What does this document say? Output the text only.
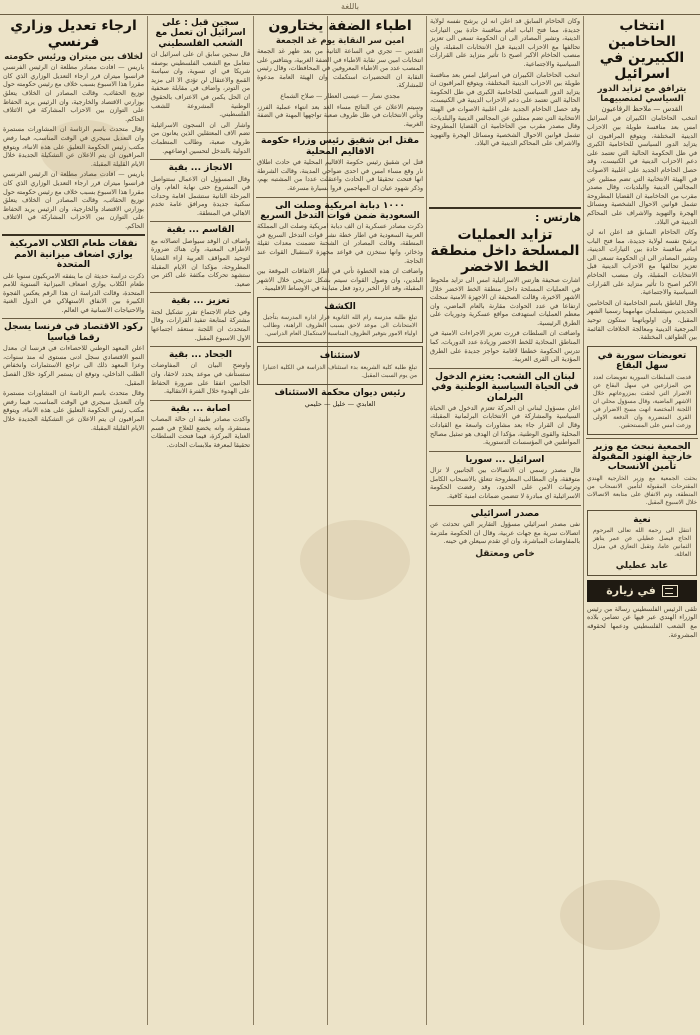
باللغة
انتخاب الحاخامين الكبيرين في اسرائيل
يترافق مع تزايد الدور السياسي لمنصبيهما
القدس — ملاحظ الرفاعيون
انتخب الحاخامان الكبيران في اسرائيل امس بعد منافسة طويلة بين الاحزاب الدينية المختلفة، ويتوقع المراقبون ان يتزايد الدور السياسي للحاخامية الكبرى في ظل الحكومة الحالية التي تعتمد على دعم الاحزاب الدينية في الكنيست، وقد حصل الحاخام الجديد على اغلبية الاصوات في الهيئة الانتخابية التي تضم ممثلين عن المجالس الدينية والبلديات، وقال مصدر مقرب من الحاخامية ان القضايا المطروحة تشمل قوانين الاحوال الشخصية ومسائل الهجرة والتهويد والاشراف على المحاكم الدينية في البلاد.
وكان الحاخام السابق قد اعلن انه لن يرشح نفسه لولاية جديدة، مما فتح الباب امام منافسة حادة بين التيارات الدينية، وتشير المصادر الى ان الحكومة تسعى الى تعزيز تحالفها مع الاحزاب الدينية قبل الانتخابات المقبلة، وان منصب الحاخام الاكبر اصبح ذا تأثير متزايد على القرارات السياسية والاجتماعية.
وقال الناطق باسم الحاخامية ان الحاخامين الجديدين سيتسلمان مهامهما رسميا الشهر المقبل، وان اولوياتهما ستكون توحيد المرجعية الدينية ومعالجة الخلافات القائمة بين الطوائف المختلفة.
تعويضات سورية في سهل البقاع
قدمت السلطات السورية تعويضات لعدد من المزارعين في سهل البقاع عن الاضرار التي لحقت بمزروعاتهم خلال الاشهر الماضية، وقال مسؤول محلي ان اللجنة المختصة انهت مسح الاضرار في القرى المتضررة وان الدفعة الاولى وزعت امس على المستحقين.
الجمعية نبحث مع وزير خارجية الهنود المقبولة تأمين الانسحاب
بحثت الجمعية مع وزير الخارجية الهندي المقترحات المقبولة لتأمين الانسحاب من المنطقة، وتم الاتفاق على متابعة الاتصالات خلال الاسبوع المقبل.
نعية
انتقل الى رحمة الله تعالى المرحوم الحاج فيصل عطيلي عن عمر يناهز الثمانين عاما، وتقبل التعازي في منزل العائلة.
عابد عطيلي
في زيارة
تلقى الرئيس الفلسطيني رسالة من رئيس الوزراء الهندي عبر فيها عن تضامن بلاده مع الشعب الفلسطيني ودعمها لحقوقه المشروعة.
وكان الحاخام السابق قد اعلن انه لن يرشح نفسه لولاية جديدة، مما فتح الباب امام منافسة حادة بين التيارات الدينية، وتشير المصادر الى ان الحكومة تسعى الى تعزيز تحالفها مع الاحزاب الدينية قبل الانتخابات المقبلة، وان منصب الحاخام الاكبر اصبح ذا تأثير متزايد على القرارات السياسية والاجتماعية.
انتخب الحاخامان الكبيران في اسرائيل امس بعد منافسة طويلة بين الاحزاب الدينية المختلفة، ويتوقع المراقبون ان يتزايد الدور السياسي للحاخامية الكبرى في ظل الحكومة الحالية التي تعتمد على دعم الاحزاب الدينية في الكنيست، وقد حصل الحاخام الجديد على اغلبية الاصوات في الهيئة الانتخابية التي تضم ممثلين عن المجالس الدينية والبلديات، وقال مصدر مقرب من الحاخامية ان القضايا المطروحة تشمل قوانين الاحوال الشخصية ومسائل الهجرة والتهويد والاشراف على المحاكم الدينية في البلاد.
هارتس :
تزايد العمليات المسلحة داخل منطقة الخط الاخضر
اشارت صحيفة هارتس الاسرائيلية امس الى تزايد ملحوظ في العمليات المسلحة داخل منطقة الخط الاخضر خلال الاشهر الاخيرة، وقالت الصحيفة ان الاجهزة الامنية سجلت ارتفاعا في عدد الحوادث مقارنة بالعام الماضي، وان معظم العمليات استهدفت مواقع عسكرية ودوريات على الطرق الرئيسية.
واضافت ان السلطات قررت تعزيز الاجراءات الامنية في المناطق المحاذية للخط الاخضر وزيادة عدد الدوريات، كما تدرس الحكومة خططا لاقامة حواجز جديدة على الطرق المؤدية الى القرى العربية.
لبنان الى الشعب: يعتزم الدخول في الحياة السياسية الوطنية وفي البرلمان
اعلن مسؤول لبناني ان الحركة تعتزم الدخول في الحياة السياسية والمشاركة في الانتخابات البرلمانية المقبلة، وقال ان القرار جاء بعد مشاورات واسعة مع القيادات المحلية والقوى الوطنية، مؤكدا ان الهدف هو تمثيل مصالح المواطنين في المؤسسات الدستورية.
اسرائيل ... سوريا
قال مصدر رسمي ان الاتصالات بين الجانبين لا تزال متوقفة، وان المطالب المطروحة تتعلق بالانسحاب الكامل وترتيبات الامن على الحدود، وقد رفضت الحكومة الاسرائيلية اي مبادرة لا تتضمن ضمانات امنية كافية.
مصدر اسرائيلي
نفى مصدر اسرائيلي مسؤول التقارير التي تحدثت عن اتصالات سرية مع جهات عربية، وقال ان الحكومة ملتزمة بالمفاوضات المباشرة، وان اي تقدم سيعلن في حينه.
خاص ومعتقل
اطباء الضفة يختارون
امين سر النقابة يوم غد الجمعة
القدس — تجري في الساعة الثانية من بعد ظهر غد الجمعة انتخابات امين سر نقابة الاطباء في الضفة الغربية، ويتنافس على المنصب عدد من الاطباء المعروفين في المحافظات، وقال رئيس النقابة ان التحضيرات استكملت وان الهيئة العامة مدعوة للمشاركة.
مجدي نصار — عيسى العطار — صلاح الشماع
وسيتم الاعلان عن النتائج مساء الغد بعد انتهاء عملية الفرز، وتأتي الانتخابات في ظل ظروف صعبة تواجهها المهنة في الضفة الغربية.
مقتل ابن شقيق رئيس وزراء حكومة الاقاليم المحلية
قتل ابن شقيق رئيس حكومة الاقاليم المحلية في حادث اطلاق نار وقع مساء امس في احدى ضواحي المدينة، وقالت الشرطة انها فتحت تحقيقا في الحادث واعتقلت عددا من المشتبه بهم، وذكر شهود عيان ان المهاجمين فروا بسيارة مسرعة.
١٠٠٠ دبابة امريكية وصلت الى السعودية ضمن قوات التدخل السريع
ذكرت مصادر عسكرية ان الف دبابة امريكية وصلت الى المملكة العربية السعودية في اطار خطة نشر قوات التدخل السريع في المنطقة، وقالت المصادر ان الشحنة تضمنت معدات ثقيلة وذخائر، وانها ستخزن في قواعد مجهزة لاستقبال القوات عند الحاجة.
واضافت ان هذه الخطوة تأتي في اطار الاتفاقات الموقعة بين البلدين، وان وصول القوات سيتم بشكل تدريجي خلال الاشهر المقبلة، وقد اثار الخبر ردود فعل متباينة في الاوساط الاقليمية.
الكشف
تبلغ طلبة مدرسة رام الله الثانوية قرار ادارة المدرسة بتأجيل الامتحانات الى موعد لاحق بسبب الظروف الراهنة، وطالب اولياء الامور بتوفير الظروف المناسبة لاستكمال العام الدراسي.
لاستئناف
تبلغ طلبة كلية الشريعة بدء استئناف الدراسة في الكلية اعتبارا من يوم السبت المقبل.
رئيس ديوان محكمة الاستئناف
العابدي — خليل — حليمي
سجين قبل : على اسرائيل ان تعمل مع الشعب الفلسطيني
قال سجين سابق ان على اسرائيل ان تتعامل مع الشعب الفلسطيني بوصفه شريكا في اي تسوية، وان سياسة القمع والاعتقال لن تؤدي الا الى مزيد من التوتر، واضاف في مقابلة صحفية ان الحل يكمن في الاعتراف بالحقوق الوطنية المشروعة للشعب الفلسطيني.
واشار الى ان السجون الاسرائيلية تضم الاف المعتقلين الذين يعانون من ظروف صعبة، وطالب المنظمات الدولية بالتدخل لتحسين اوضاعهم.
الانجاز ... بقية
وقال المسؤول ان الاعمال ستتواصل في المشروع حتى نهاية العام، وان المرحلة الثانية ستشمل اقامة وحدات سكنية جديدة ومرافق عامة تخدم الاهالي في المنطقة.
القاسم ... بقية
واضاف ان الوفد سيواصل اتصالاته مع الاطراف المعنية، وان هناك ضرورة لتوحيد المواقف العربية ازاء القضايا المطروحة، مؤكدا ان الايام المقبلة ستشهد تحركات مكثفة على اكثر من صعيد.
تعزيز ... بقية
وفي ختام الاجتماع تقرر تشكيل لجنة مشتركة لمتابعة تنفيذ القرارات، وقال المتحدث ان اللجنة ستعقد اجتماعها الاول الاسبوع المقبل.
الجحاد ... بقية
واوضح البيان ان المفاوضات ستستأنف في موعد يحدد لاحقا، وان الجانبين اتفقا على ضرورة الحفاظ على الهدوء خلال الفترة الانتقالية.
اصابة ... بقية
واكدت مصادر طبية ان حالة المصاب مستقرة، وانه يخضع للعلاج في قسم العناية المركزة، فيما فتحت السلطات تحقيقا لمعرفة ملابسات الحادث.
ارجاء تعديل وزاري فرنسي
لخلاف بين ميتران ورئيس حكومته
باريس — افادت مصادر مطلعة ان الرئيس الفرنسي فرانسوا ميتران قرر ارجاء التعديل الوزاري الذي كان مقررا هذا الاسبوع بسبب خلاف مع رئيس حكومته حول توزيع الحقائب، وقالت المصادر ان الخلاف يتعلق بوزارتي الاقتصاد والخارجية، وان الرئيس يريد الحفاظ على التوازن بين الاحزاب المشاركة في الائتلاف الحاكم.
وقال متحدث باسم الرئاسة ان المشاورات مستمرة وان التعديل سيجري في الوقت المناسب، فيما رفض مكتب رئيس الحكومة التعليق على هذه الانباء، ويتوقع المراقبون ان يتم الاعلان عن التشكيلة الجديدة خلال الايام القليلة المقبلة.
باريس — افادت مصادر مطلعة ان الرئيس الفرنسي فرانسوا ميتران قرر ارجاء التعديل الوزاري الذي كان مقررا هذا الاسبوع بسبب خلاف مع رئيس حكومته حول توزيع الحقائب، وقالت المصادر ان الخلاف يتعلق بوزارتي الاقتصاد والخارجية، وان الرئيس يريد الحفاظ على التوازن بين الاحزاب المشاركة في الائتلاف الحاكم.
نفقات طعام الكلاب الامريكية يوازي اضعاف ميزانية الامم المتحدة
ذكرت دراسة حديثة ان ما ينفقه الامريكيون سنويا على طعام الكلاب يوازي اضعاف الميزانية السنوية للامم المتحدة، وقالت الدراسة ان هذا الرقم يعكس الفجوة الكبيرة بين الانفاق الاستهلاكي في الدول الغنية والاحتياجات الانسانية في العالم.
ركود الاقتصاد في فرنسا يسجل رقما قياسيا
اعلن المعهد الوطني للاحصاءات في فرنسا ان معدل النمو الاقتصادي سجل ادنى مستوى له منذ سنوات، وعزا المعهد ذلك الى تراجع الاستثمارات وانخفاض الطلب الداخلي، وتوقع ان يستمر الركود خلال الفصل المقبل.
وقال متحدث باسم الرئاسة ان المشاورات مستمرة وان التعديل سيجري في الوقت المناسب، فيما رفض مكتب رئيس الحكومة التعليق على هذه الانباء، ويتوقع المراقبون ان يتم الاعلان عن التشكيلة الجديدة خلال الايام القليلة المقبلة.
